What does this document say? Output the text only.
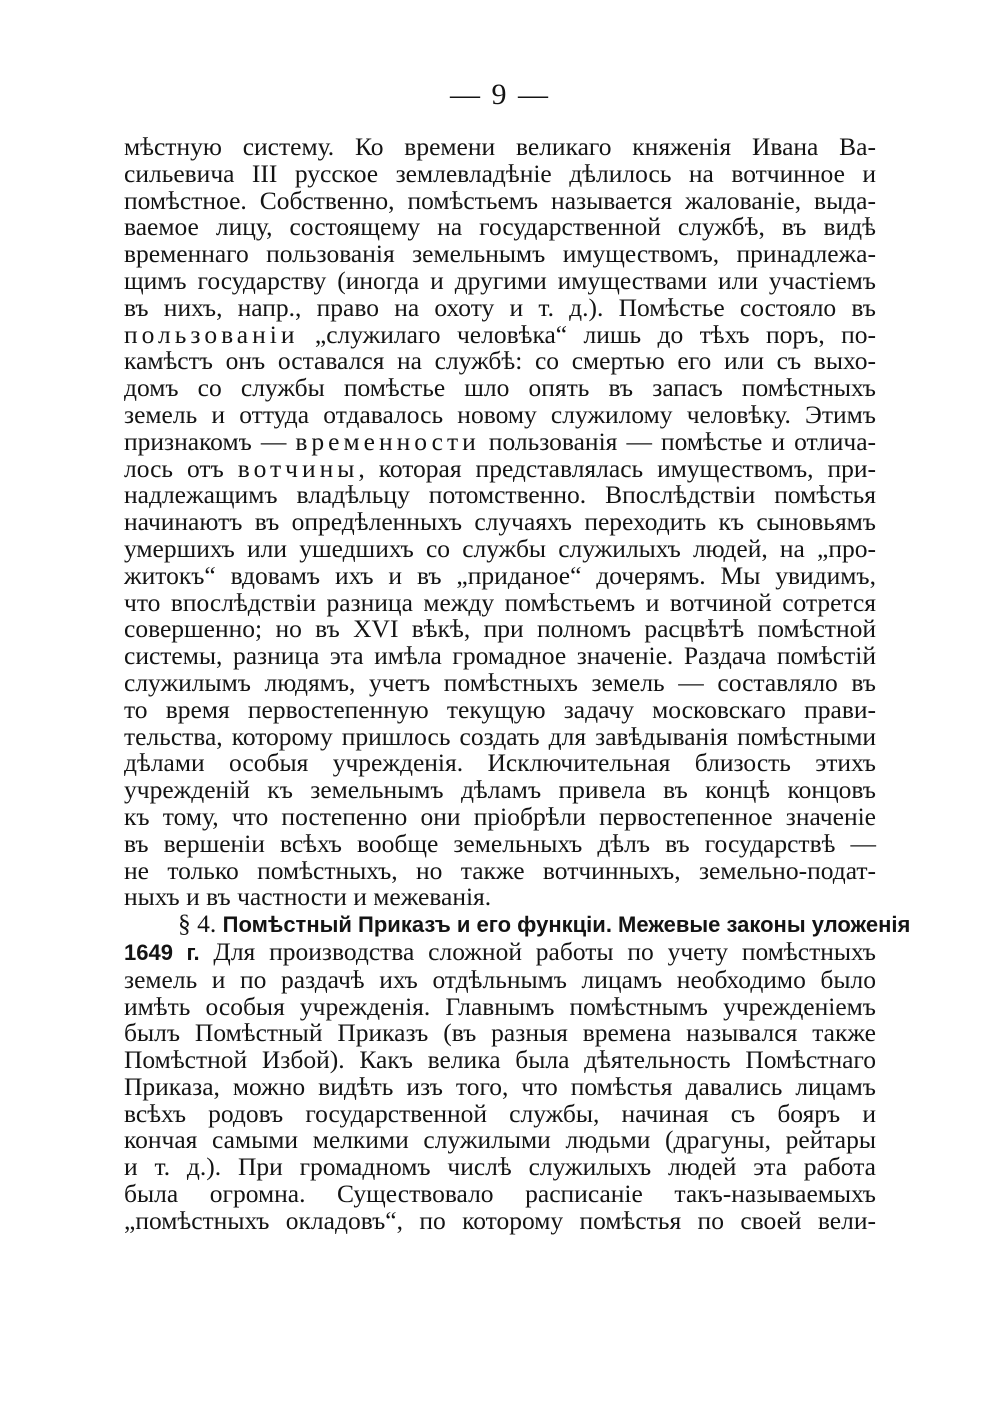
— 9 —
мѣстную систему. Ко времени великаго княженія Ивана Ва-
сильевича III русское землевладѣніе дѣлилось на вотчинное и
помѣстное. Собственно, помѣстьемъ называется жалованіе, выда-
ваемое лицу, состоящему на государственной службѣ, въ видѣ
временнаго пользованія земельнымъ имуществомъ, принадлежа-
щимъ государству (иногда и другими имуществами или участіемъ
въ нихъ, напр., право на охоту и т. д.). Помѣстье состояло въ
пользованіи „служилаго человѣка“ лишь до тѣхъ поръ, по-
камѣстъ онъ оставался на службѣ: со смертью его или съ выхо-
домъ со службы помѣстье шло опять въ запасъ помѣстныхъ
земель и оттуда отдавалось новому служилому человѣку. Этимъ
признакомъ — временности пользованія — помѣстье и отлича-
лось отъ вотчины, которая представлялась имуществомъ, при-
надлежащимъ владѣльцу потомственно. Впослѣдствіи помѣстья
начинаютъ въ опредѣленныхъ случаяхъ переходить къ сыновьямъ
умершихъ или ушедшихъ со службы служилыхъ людей, на „про-
житокъ“ вдовамъ ихъ и въ „приданое“ дочерямъ. Мы увидимъ,
что впослѣдствіи разница между помѣстьемъ и вотчиной сотрется
совершенно; но въ XVI вѣкѣ, при полномъ расцвѣтѣ помѣстной
системы, разница эта имѣла громадное значеніе. Раздача помѣстій
служилымъ людямъ, учетъ помѣстныхъ земель — составляло въ
то время первостепенную текущую задачу московскаго прави-
тельства, которому пришлось создать для завѣдыванія помѣстными
дѣлами особыя учрежденія. Исключительная близость этихъ
учрежденій къ земельнымъ дѣламъ привела въ концѣ концовъ
къ тому, что постепенно они пріобрѣли первостепенное значеніе
въ вершеніи всѣхъ вообще земельныхъ дѣлъ въ государствѣ —
не только помѣстныхъ, но также вотчинныхъ, земельно-подат-
ныхъ и въ частности и межеванія.
§ 4. Помѣстный Приказъ и его функціи. Межевые законы уложенія
1649 г. Для производства сложной работы по учету помѣстныхъ
земель и по раздачѣ ихъ отдѣльнымъ лицамъ необходимо было
имѣть особыя учрежденія. Главнымъ помѣстнымъ учрежденіемъ
былъ Помѣстный Приказъ (въ разныя времена назывался также
Помѣстной Избой). Какъ велика была дѣятельность Помѣстнаго
Приказа, можно видѣть изъ того, что помѣстья давались лицамъ
всѣхъ родовъ государственной службы, начиная съ бояръ и
кончая самыми мелкими служилыми людьми (драгуны, рейтары
и т. д.). При громадномъ числѣ служилыхъ людей эта работа
была огромна. Существовало расписаніе такъ-называемыхъ
„помѣстныхъ окладовъ“, по которому помѣстья по своей вели-
